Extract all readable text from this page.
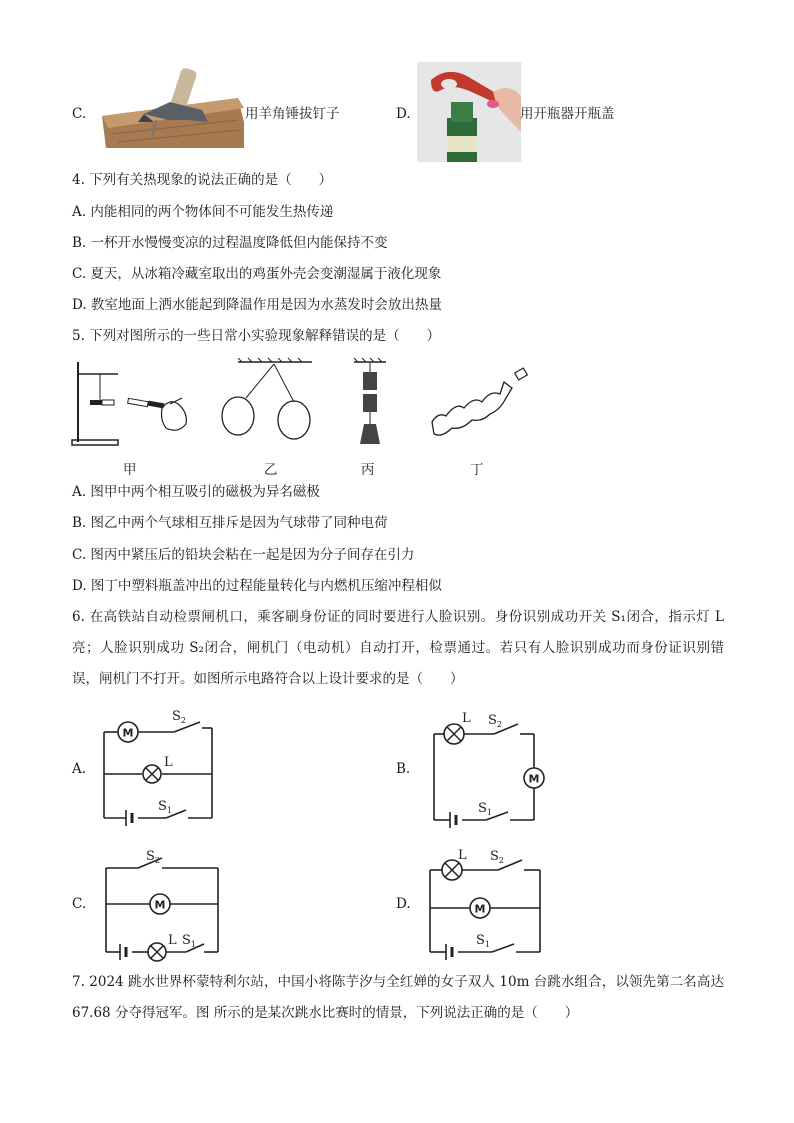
C.	用羊角锤拔钉子	D.	用开瓶器开瓶盖
4. 下列有关热现象的说法正确的是（　　）
A. 内能相同的两个物体间不可能发生热传递
B. 一杯开水慢慢变凉的过程温度降低但内能保持不变
C. 夏天，从冰箱冷藏室取出的鸡蛋外壳会变潮湿属于液化现象
D. 教室地面上洒水能起到降温作用是因为水蒸发时会放出热量
5. 下列对图所示的一些日常小实验现象解释错误的是（　　）
甲	乙	丙	丁
A. 图甲中两个相互吸引的磁极为异名磁极
B. 图乙中两个气球相互排斥是因为气球带了同种电荷
C. 图丙中紧压后的铅块会粘在一起是因为分子间存在引力
D. 图丁中塑料瓶盖冲出的过程能量转化与内燃机压缩冲程相似
6. 在高铁站自动检票闸机口，乘客刷身份证的同时要进行人脸识别。身份识别成功开关 S₁闭合，指示灯 L 亮；人脸识别成功 S₂闭合，闸机门（电动机）自动打开，检票通过。若只有人脸识别成功而身份证识别错误，闸机门不打开。如图所示电路符合以上设计要求的是（　　）
A.
M
$S_2$
L
$S_1$
B.
L $S_2$
M
$S_1$
C.
$S_2$
M
L $S_1$
D.
L $S_2$
M
$S_1$
7. 2024 跳水世界杯蒙特利尔站，中国小将陈芋汐与全红婵的女子双人 10m 台跳水组合，以领先第二名高达 67.68 分夺得冠军。图 所示的是某次跳水比赛时的情景，下列说法正确的是（　　）
